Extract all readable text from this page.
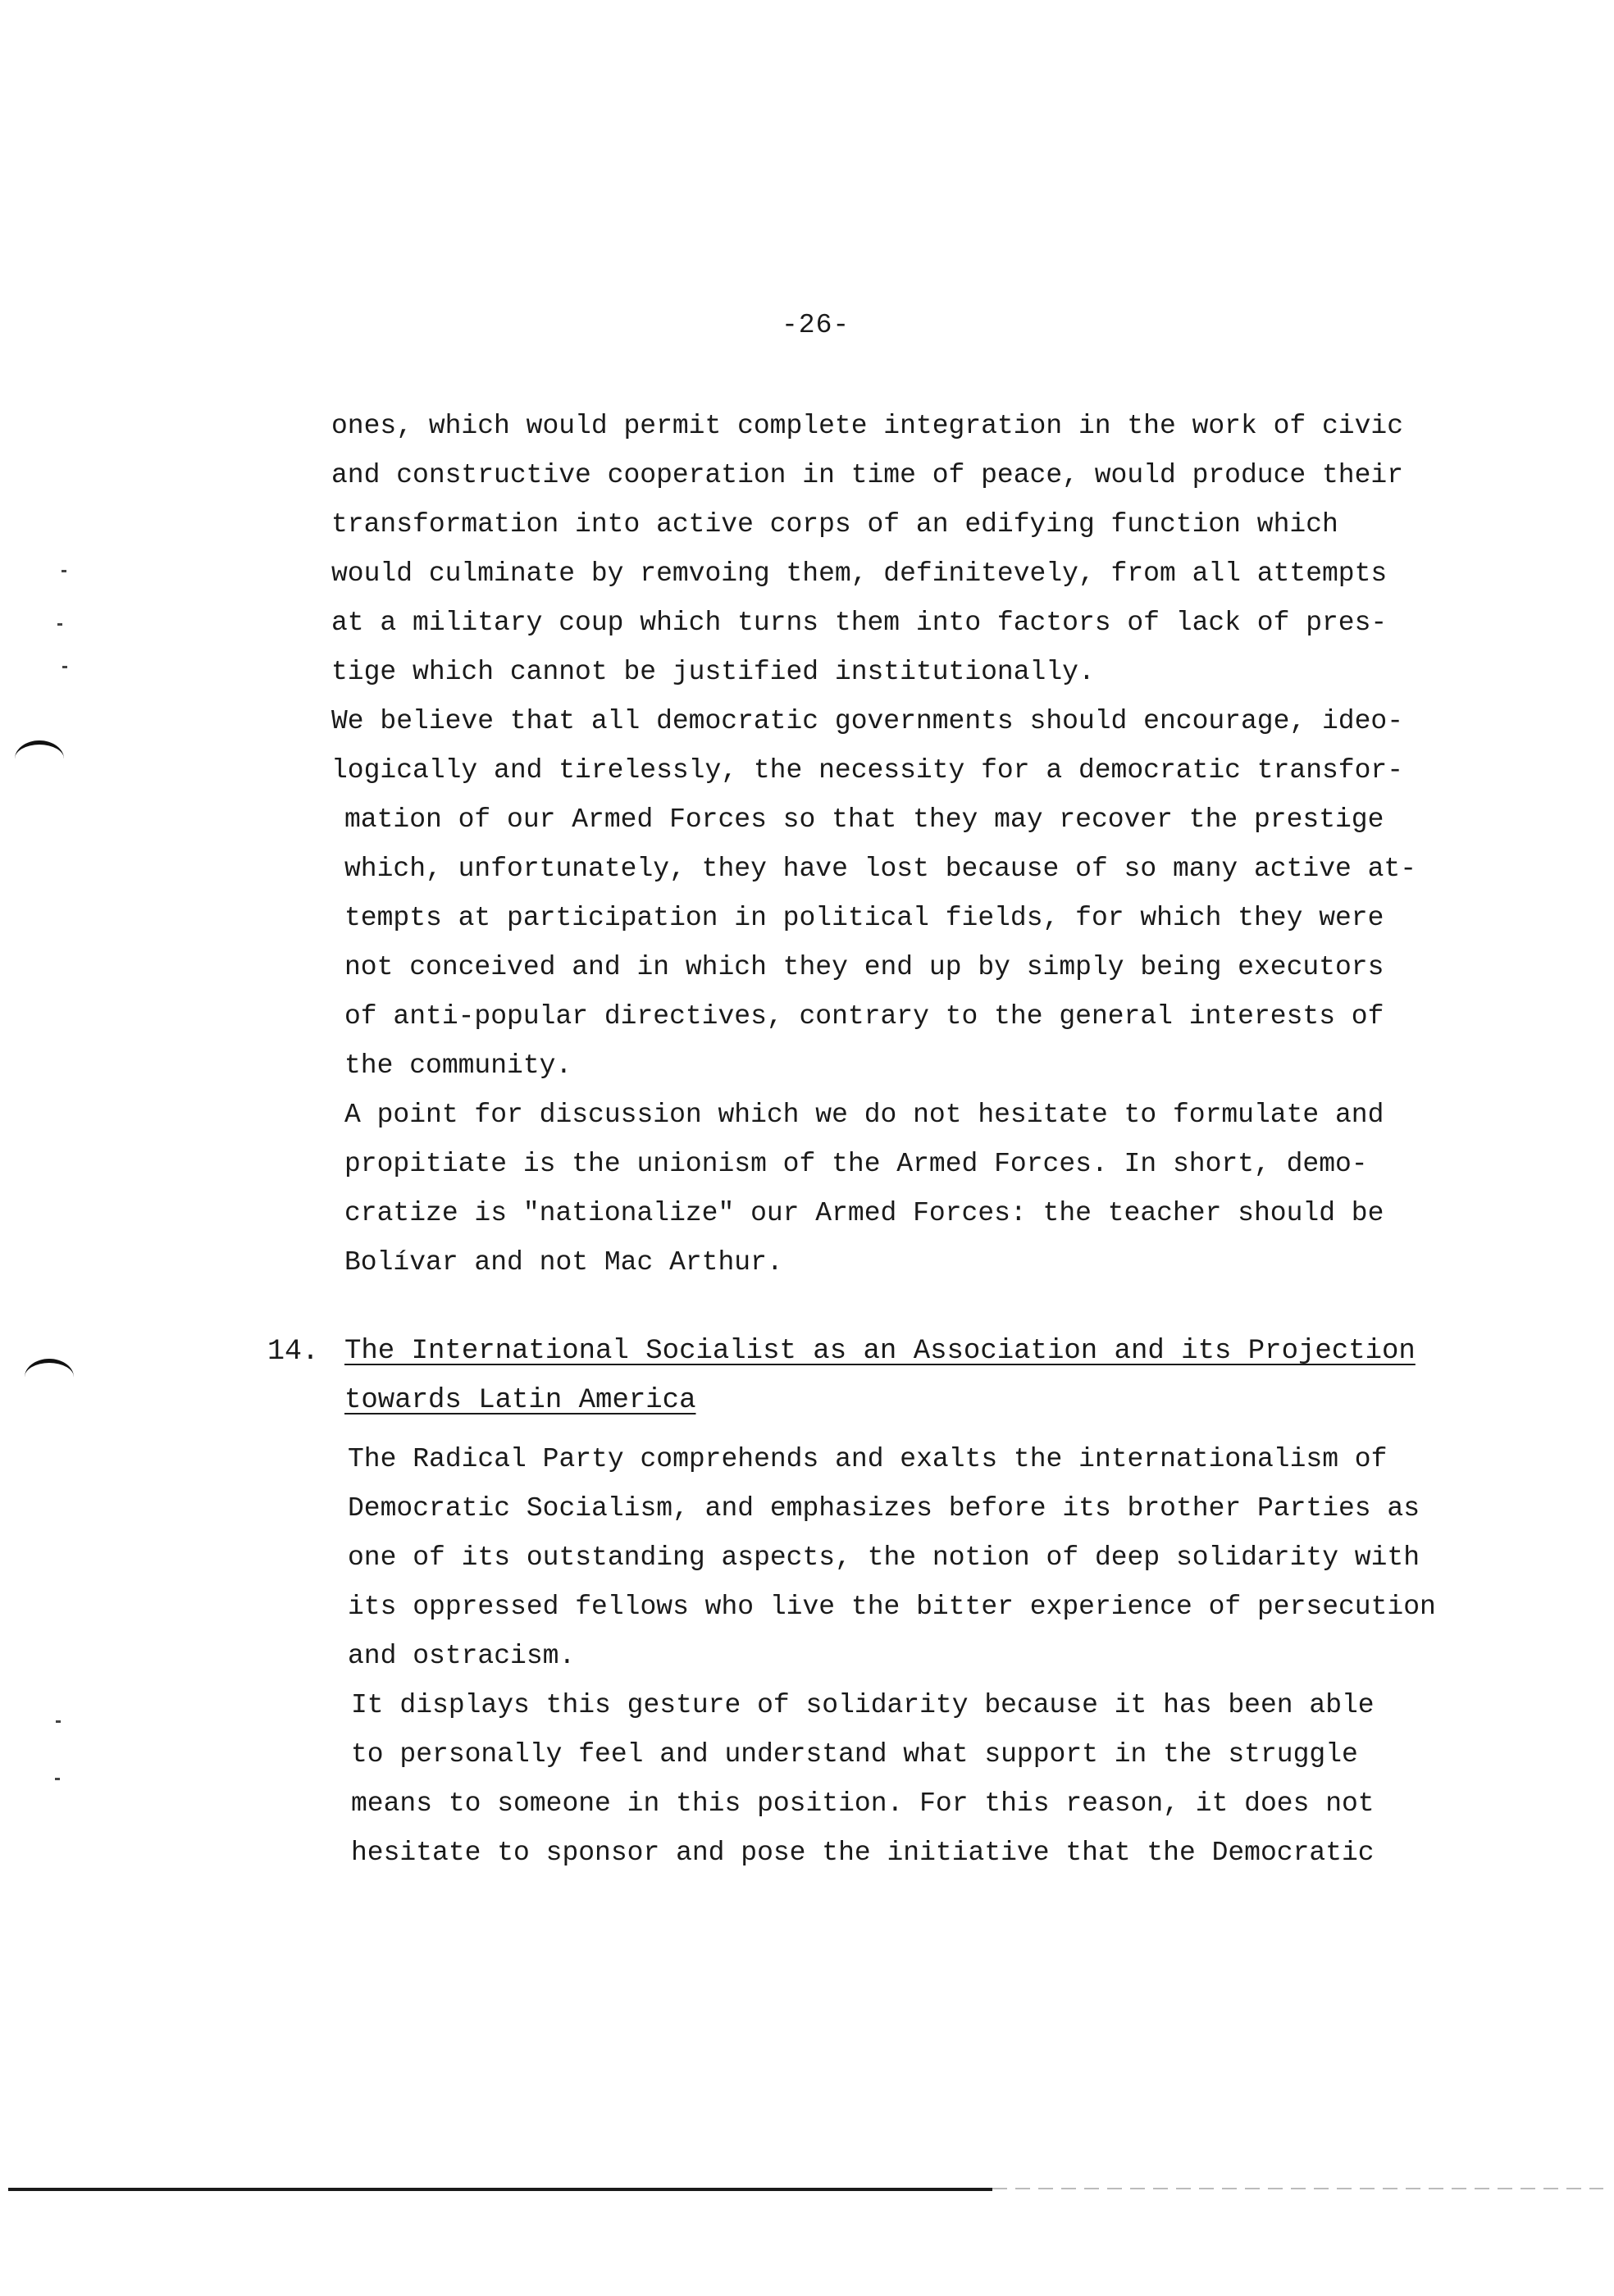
-26-
ones, which would permit complete integration in the work of civic
and constructive cooperation in time of peace, would produce their
transformation into active corps of an edifying function which
would culminate by remvoing them, definitevely, from all attempts
at a military coup which turns them into factors of lack of pres-
tige which cannot be justified institutionally.
We believe that all democratic governments should encourage, ideo-
logically and tirelessly, the necessity for a democratic transfor-
mation of our Armed Forces so that they may recover the prestige
which, unfortunately, they have lost because of so many active at-
tempts at participation in political fields, for which they were
not conceived and in which they end up by simply being executors
of anti-popular directives, contrary to the general interests of
the community.
A point for discussion which we do not hesitate to formulate and
propitiate is the unionism of the Armed Forces. In short, demo-
cratize is "nationalize" our Armed Forces: the teacher should be
Bolívar and not Mac Arthur.
14. The International Socialist as an Association and its Projection
towards Latin America
The Radical Party comprehends and exalts the internationalism of
Democratic Socialism, and emphasizes before its brother Parties as
one of its outstanding aspects, the notion of deep solidarity with
its oppressed fellows who live the bitter experience of persecution
and ostracism.
It displays this gesture of solidarity because it has been able
to personally feel and understand what support in the struggle
means to someone in this position. For this reason, it does not
hesitate to sponsor and pose the initiative that the Democratic
